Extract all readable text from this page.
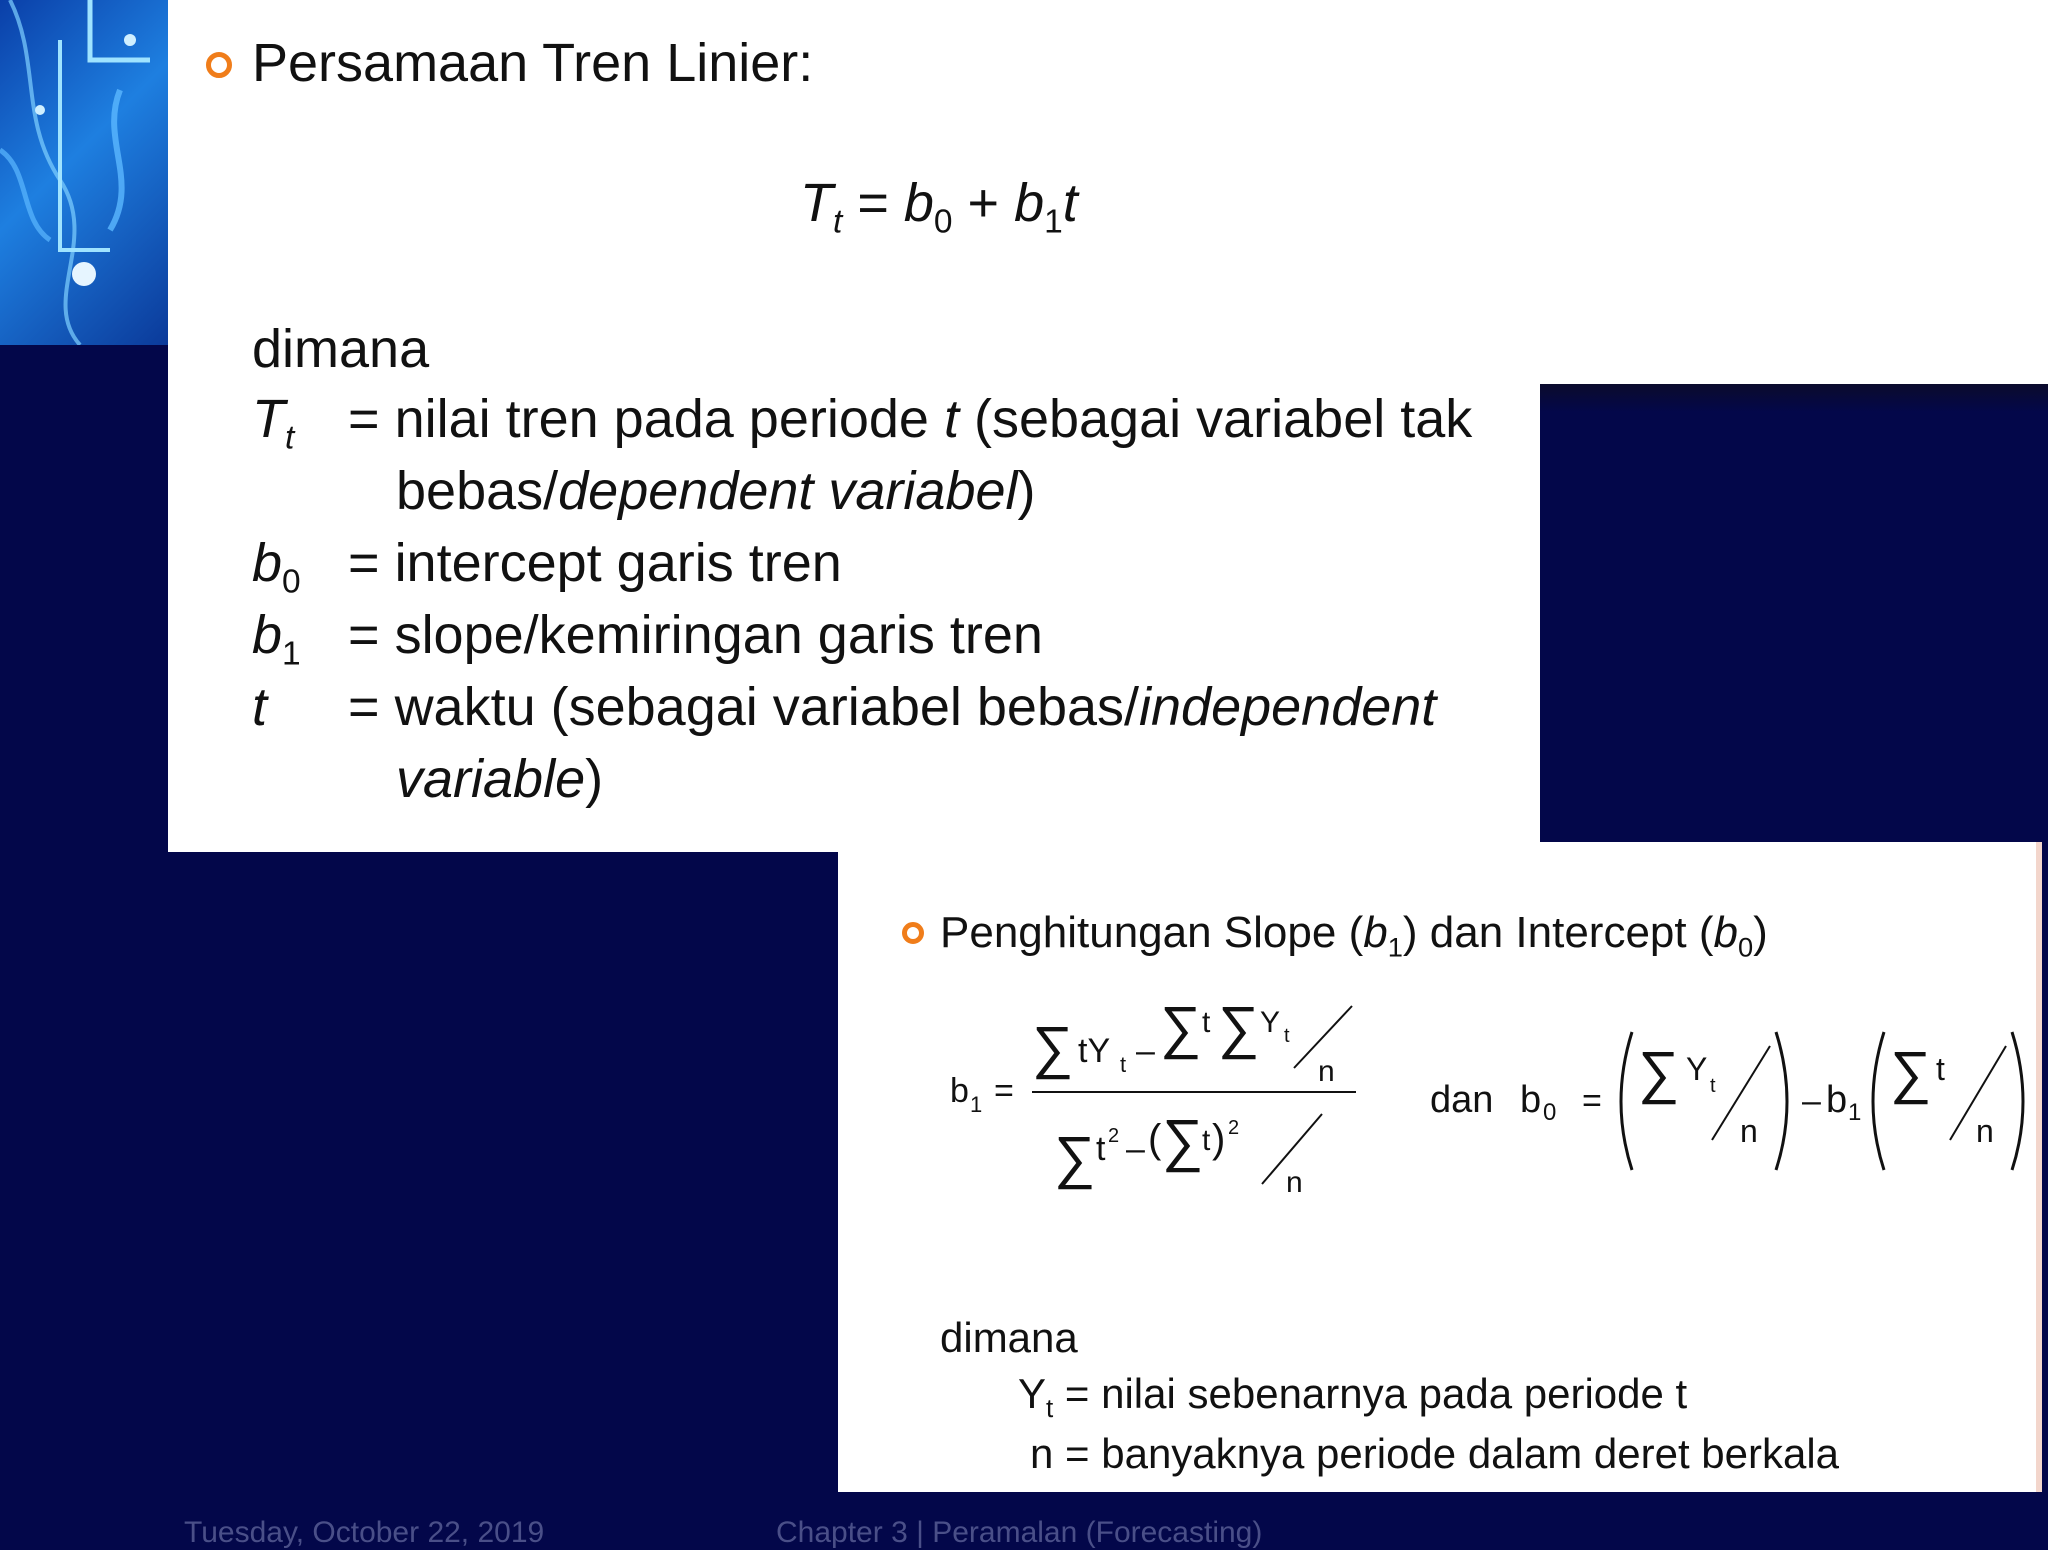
Persamaan Tren Linier:
$T_t = b_0 + b_1t$
dimana
$T_t$ = nilai tren pada periode t (sebagai variabel tak
bebas/dependent variabel)
$b_0$ = intercept garis tren
$b_1$ = slope/kemiringan garis tren
t = waktu (sebagai variabel bebas/independent
variable)
Penghitungan Slope $(b_1)$ dan Intercept $(b_0)$
b 1 =
∑ tY t – ∑ t ∑ Y t
n
∑ t 2 – ( ∑
t ) 2
n
dan b 0 = ∑ Y t
n
– b 1
∑ t
n
dimana
$Y_t$ = nilai sebenarnya pada periode t
n = banyaknya periode dalam deret berkala
Tuesday, October 22, 2019	Chapter 3 | Peramalan (Forecasting)
